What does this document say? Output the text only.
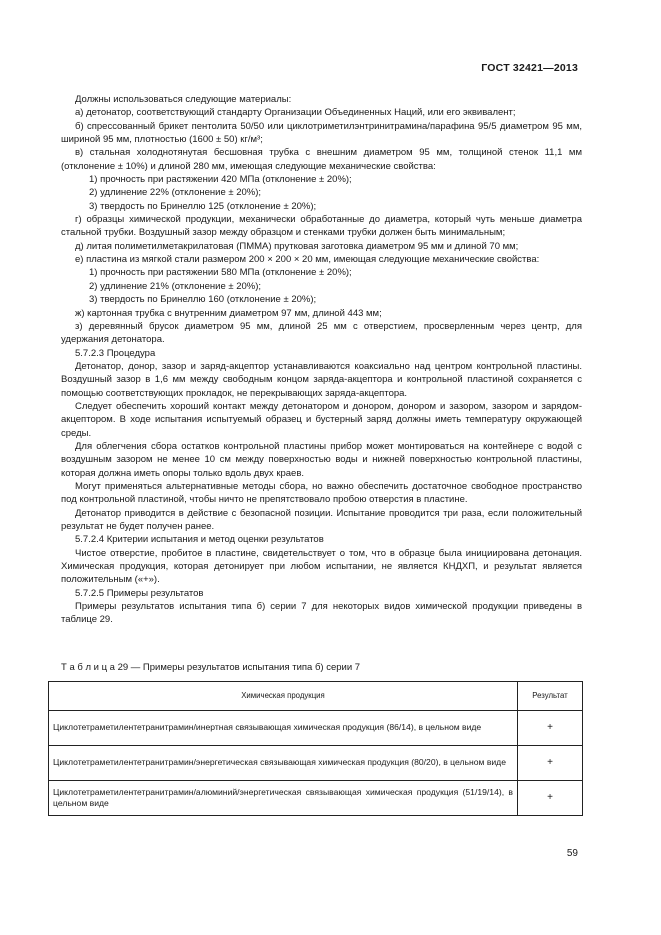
ГОСТ 32421—2013

Должны использоваться следующие материалы:

а) детонатор, соответствующий стандарту Организации Объединенных Наций, или его эквивалент;

б) спрессованный брикет пентолита 50/50 или циклотриметилэнтринитрамина/парафина 95/5 диаметром 95 мм, шириной 95 мм, плотностью (1600 ± 50) кг/м³;

в) стальная холоднотянутая бесшовная трубка с внешним диаметром 95 мм, толщиной стенок 11,1 мм (отклонение ± 10%) и длиной 280 мм, имеющая следующие механические свойства:

1) прочность при растяжении 420 МПа (отклонение ± 20%);

2) удлинение 22% (отклонение ± 20%);

3) твердость по Бринеллю 125 (отклонение ± 20%);

г) образцы химической продукции, механически обработанные до диаметра, который чуть меньше диаметра стальной трубки. Воздушный зазор между образцом и стенками трубки должен быть минимальным;

д) литая полиметилметакрилатовая (ПММА) прутковая заготовка диаметром 95 мм и длиной 70 мм;

е) пластина из мягкой стали размером 200 × 200 × 20 мм, имеющая следующие механические свойства:

1) прочность при растяжении 580 МПа (отклонение ± 20%);

2) удлинение 21% (отклонение ± 20%);

3) твердость по Бринеллю 160 (отклонение ± 20%);

ж) картонная трубка с внутренним диаметром 97 мм, длиной 443 мм;

з) деревянный брусок диаметром 95 мм, длиной 25 мм с отверстием, просверленным через центр, для удержания детонатора.

5.7.2.3 Процедура

Детонатор, донор, зазор и заряд-акцептор устанавливаются коаксиально над центром контрольной пластины. Воздушный зазор в 1,6 мм между свободным концом заряда-акцептора и контрольной пластиной сохраняется с помощью соответствующих прокладок, не перекрывающих заряда-акцептора.

Следует обеспечить хороший контакт между детонатором и донором, донором и зазором, зазором и зарядом-акцептором. В ходе испытания испытуемый образец и бустерный заряд должны иметь температуру окружающей среды.

Для облегчения сбора остатков контрольной пластины прибор может монтироваться на контейнере с водой с воздушным зазором не менее 10 см между поверхностью воды и нижней поверхностью контрольной пластины, которая должна иметь опоры только вдоль двух краев.

Могут применяться альтернативные методы сбора, но важно обеспечить достаточное свободное пространство под контрольной пластиной, чтобы ничто не препятствовало пробою отверстия в пластине.

Детонатор приводится в действие с безопасной позиции. Испытание проводится три раза, если положительный результат не будет получен ранее.

5.7.2.4 Критерии испытания и метод оценки результатов

Чистое отверстие, пробитое в пластине, свидетельствует о том, что в образце была инициирована детонация. Химическая продукция, которая детонирует при любом испытании, не является КНДХП, и результат является положительным («+»).

5.7.2.5 Примеры результатов

Примеры результатов испытания типа б) серии 7 для некоторых видов химической продукции приведены в таблице 29.

Т а б л и ц а 29 — Примеры результатов испытания типа б) серии 7
Химическая продукция	Результат
Циклотетраметилентетранитрамин/инертная связывающая химическая продукция (86/14), в цельном виде	+
Циклотетраметилентетранитрамин/энергетическая связывающая химическая продукция (80/20), в цельном виде	+
Циклотетраметилентетранитрамин/алюминий/энергетическая связывающая химическая продукция (51/19/14), в цельном виде	+
59
